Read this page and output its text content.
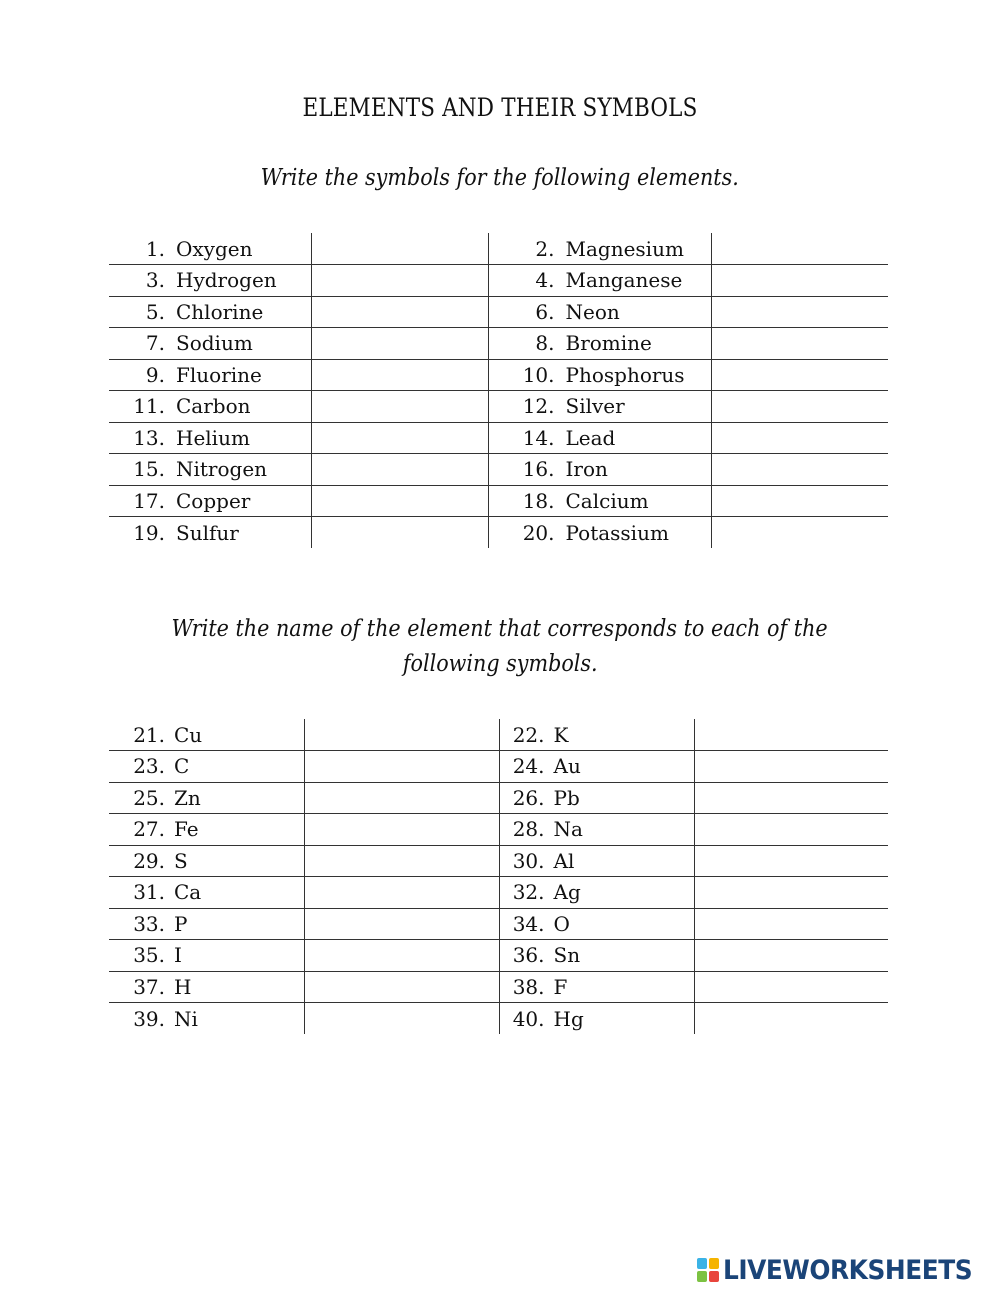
ELEMENTS AND THEIR SYMBOLS

Write the symbols for the following elements.

1. Oxygen		2. Magnesium	
3. Hydrogen		4. Manganese	
5. Chlorine		6. Neon	
7. Sodium		8. Bromine	
9. Fluorine		10. Phosphorus	
11. Carbon		12. Silver	
13. Helium		14. Lead	
15. Nitrogen		16. Iron	
17. Copper		18. Calcium	
19. Sulfur		20. Potassium	

Write the name of the element that corresponds to each of the
following symbols.

21. Cu		22. K	
23. C		24. Au	
25. Zn		26. Pb	
27. Fe		28. Na	
29. S		30. Al	
31. Ca		32. Ag	
33. P		34. O	
35. I		36. Sn	
37. H		38. F	
39. Ni		40. Hg	
LIVEWORKSHEETS
